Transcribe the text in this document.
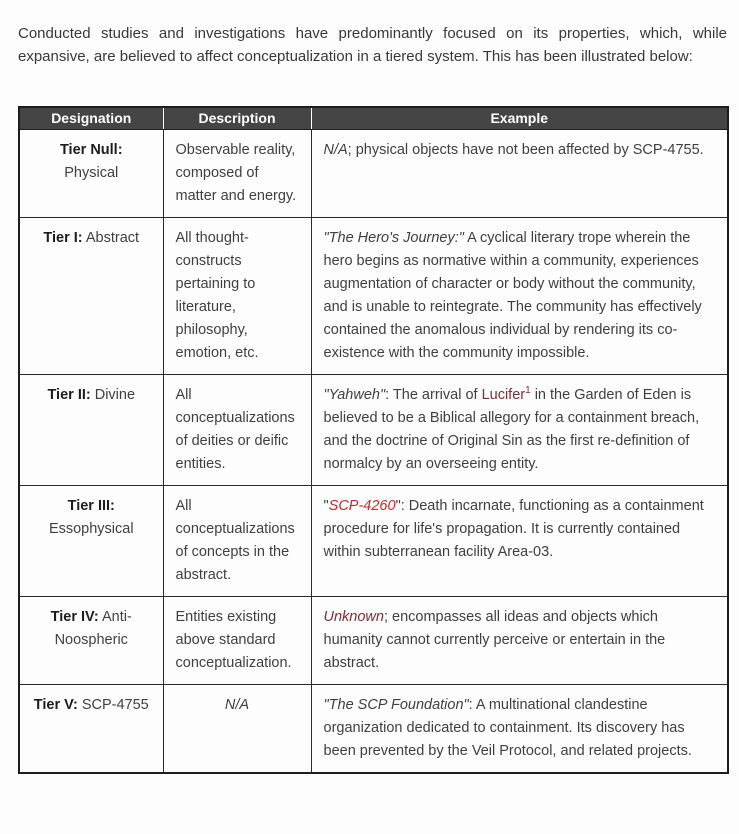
Conducted studies and investigations have predominantly focused on its properties, which, while expansive, are believed to affect conceptualization in a tiered system. This has been illustrated below:

Designation	Description	Example
Tier Null: Physical	Observable reality, composed of matter and energy.	N/A; physical objects have not been affected by SCP-4755.
Tier I: Abstract	All thought-constructs pertaining to literature, philosophy, emotion, etc.	"The Hero's Journey:" A cyclical literary trope wherein the hero begins as normative within a community, experiences augmentation of character or body without the community, and is unable to reintegrate. The community has effectively contained the anomalous individual by rendering its co-existence with the community impossible.
Tier II: Divine	All conceptualizations of deities or deific entities.	"Yahweh": The arrival of Lucifer$^1$ in the Garden of Eden is believed to be a Biblical allegory for a containment breach, and the doctrine of Original Sin as the first re-definition of normalcy by an overseeing entity.
Tier III: Essophysical	All conceptualizations of concepts in the abstract.	"SCP-4260": Death incarnate, functioning as a containment procedure for life's propagation. It is currently contained within subterranean facility Area-03.
Tier IV: Anti-Noospheric	Entities existing above standard conceptualization.	Unknown; encompasses all ideas and objects which humanity cannot currently perceive or entertain in the abstract.
Tier V: SCP-4755	N/A	"The SCP Foundation": A multinational clandestine organization dedicated to containment. Its discovery has been prevented by the Veil Protocol, and related projects.
